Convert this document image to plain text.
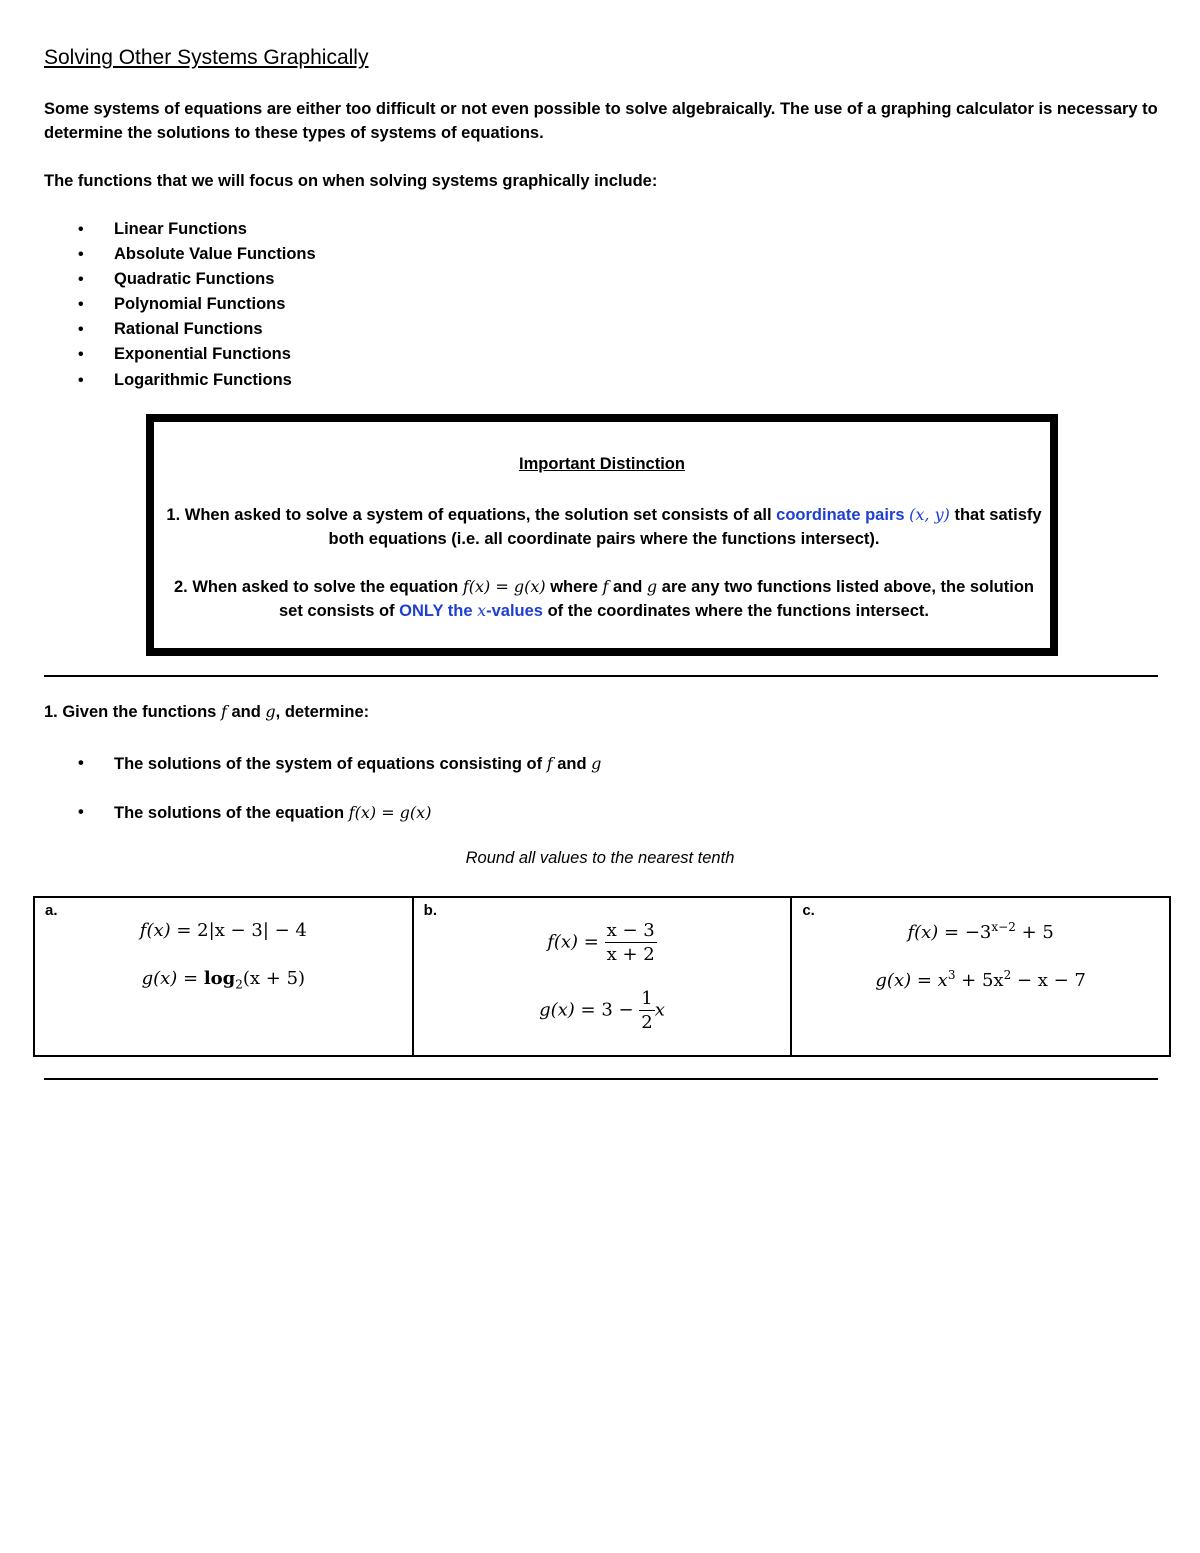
Solving Other Systems Graphically
Some systems of equations are either too difficult or not even possible to solve algebraically. The use of a graphing calculator is necessary to determine the solutions to these types of systems of equations.
The functions that we will focus on when solving systems graphically include:
• Linear Functions
• Absolute Value Functions
• Quadratic Functions
• Polynomial Functions
• Rational Functions
• Exponential Functions
• Logarithmic Functions
Important Distinction
1. When asked to solve a system of equations, the solution set consists of all coordinate pairs (x, y) that satisfy both equations (i.e. all coordinate pairs where the functions intersect).
2. When asked to solve the equation f(x) = g(x) where f and g are any two functions listed above, the solution set consists of ONLY the x-values of the coordinates where the functions intersect.
1. Given the functions f and g, determine:
• The solutions of the system of equations consisting of f and g
• The solutions of the equation f(x) = g(x)
Round all values to the nearest tenth
a.
f(x) = 2|x − 3| − 4
$g(x) = \log_2(x + 5)$

b.
$f(x) = \frac{x - 3}{x + 2}$
$g(x) = 3 - \frac{1}{2}$ x

c.
$f(x) = -3^{x-2} + 5$
$g(x) = x^3 + 5x^2 - x - 7$
